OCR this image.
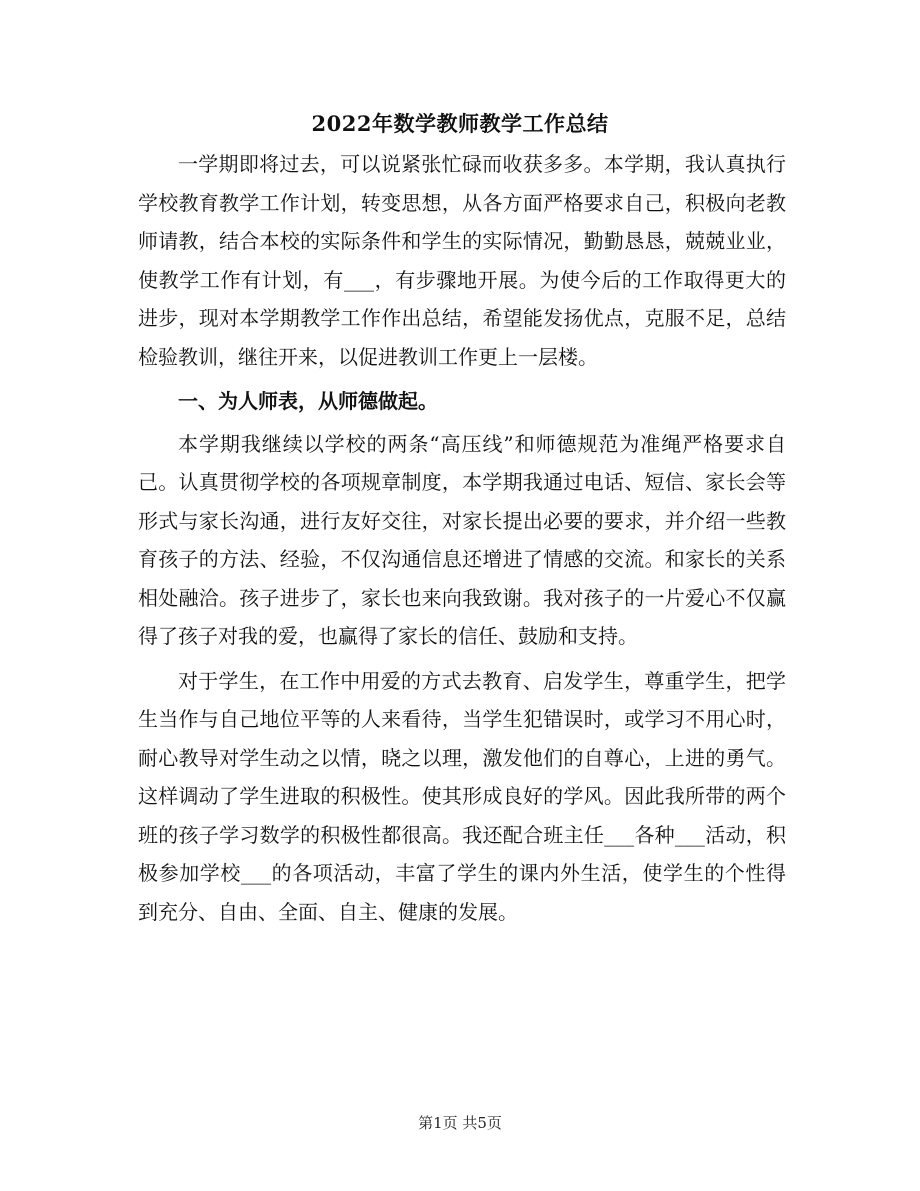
2022年数学教师教学工作总结

一学期即将过去，可以说紧张忙碌而收获多多。本学期，我认真执行学校教育教学工作计划，转变思想，从各方面严格要求自己，积极向老教师请教，结合本校的实际条件和学生的实际情况，勤勤恳恳，兢兢业业，使教学工作有计划，有___，有步骤地开展。为使今后的工作取得更大的进步，现对本学期教学工作作出总结，希望能发扬优点，克服不足，总结检验教训，继往开来，以促进教训工作更上一层楼。

一、为人师表，从师德做起。

本学期我继续以学校的两条“高压线”和师德规范为准绳严格要求自己。认真贯彻学校的各项规章制度，本学期我通过电话、短信、家长会等形式与家长沟通，进行友好交往，对家长提出必要的要求，并介绍一些教育孩子的方法、经验，不仅沟通信息还增进了情感的交流。和家长的关系相处融洽。孩子进步了，家长也来向我致谢。我对孩子的一片爱心不仅赢得了孩子对我的爱，也赢得了家长的信任、鼓励和支持。

对于学生，在工作中用爱的方式去教育、启发学生，尊重学生，把学生当作与自己地位平等的人来看待，当学生犯错误时，或学习不用心时，耐心教导对学生动之以情，晓之以理，激发他们的自尊心，上进的勇气。这样调动了学生进取的积极性。使其形成良好的学风。因此我所带的两个班的孩子学习数学的积极性都很高。我还配合班主任___各种___活动，积极参加学校___的各项活动，丰富了学生的课内外生活，使学生的个性得到充分、自由、全面、自主、健康的发展。

第1页 共5页
